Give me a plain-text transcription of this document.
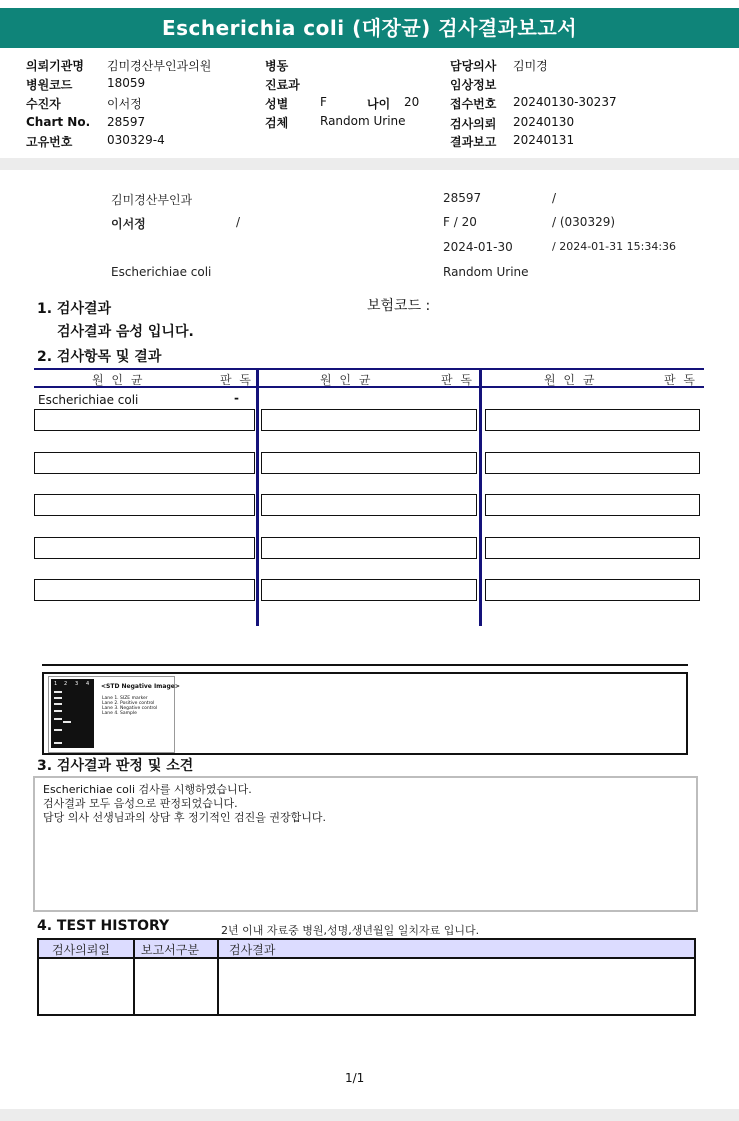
Escherichia coli (대장균) 검사결과보고서
의뢰기관명 김미경산부인과의원
병원코드	18059
수진자	이서정
Chart No. 28597
고유번호	030329-4
병동
진료과
성별	F	나이 20
검체	Random Urine
담당의사 김미경
임상정보
접수번호 20240130-30237
검사의뢰 20240130
결과보고 20240131
김미경산부인과	28597	/
이서정	/	F / 20	/ (030329)
2024-01-30	/ 2024-01-31 15:34:36
Escherichiae coli	Random Urine
1. 검사결과	보험코드 :
검사결과 음성 입니다.
2. 검사항목 및 결과
원 인 균	판 독	원 인 균	판 독	원 인 균	판 독
Escherichiae coli	-
1 2 3 4 <STD Negative Image>
Lane 1. SIZE marker
Lane 2. Positive control
Lane 3. Negative control
Lane 4. Sample
3. 검사결과 판정 및 소견
Escherichiae coli 검사를 시행하였습니다.
검사결과 모두 음성으로 판정되었습니다.
담당 의사 선생님과의 상담 후 정기적인 검진을 권장합니다.
4. TEST HISTORY	2년 이내 자료중 병원,성명,생년월일 일치자료 입니다.
검사의뢰일	보고서구분	검사결과
1/1
